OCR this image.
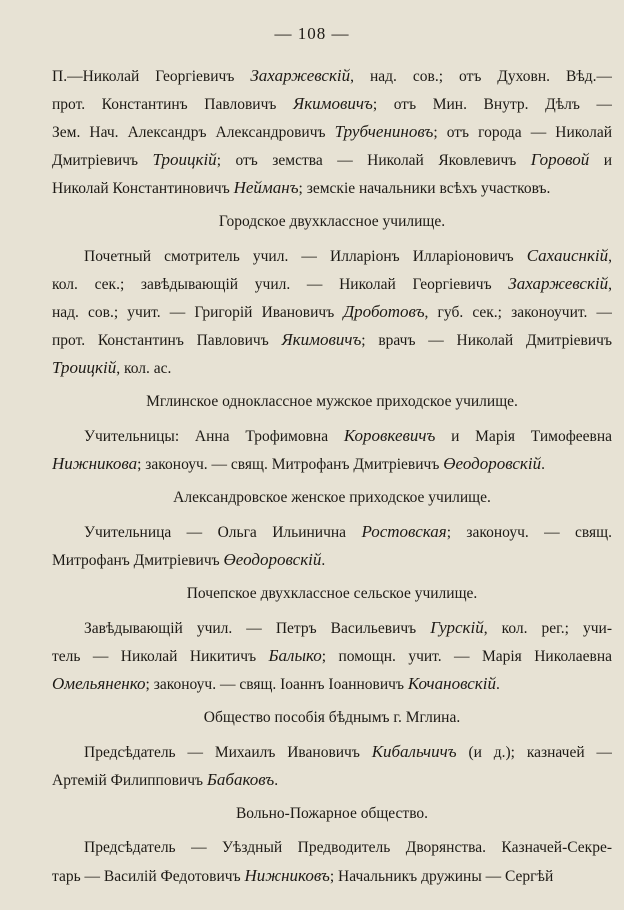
— 108 —
П.—Николай Георгіевичъ Захаржевскій, над. сов.; отъ Духовн. Вѣд.—
прот. Константинъ Павловичъ Якимовичъ; отъ Мин. Внутр. Дѣлъ —
Зем. Нач. Александръ Александровичъ Трубчениновъ; отъ города — Николай
Дмитріевичъ Троицкій; отъ земства — Николай Яковлевичъ Горовой и
Николай Константиновичъ Нейманъ; земскіе начальники всѣхъ участковъ.
Городское двухклассное училище.
Почетный смотритель учил. — Илларіонъ Илларіоновичъ Сахаиснкій,
кол. сек.; завѣдывающій учил. — Николай Георгіевичъ Захаржевскій,
над. сов.; учит. — Григорій Ивановичъ Дроботовъ, губ. сек.; законоучит. —
прот. Константинъ Павловичъ Якимовичъ; врачъ — Николай Дмитріевичъ
Троицкій, кол. ас.
Мглинское одноклассное мужское приходское училище.
Учительницы: Анна Трофимовна Коровкевичъ и Марія Тимофеевна
Нижникова; законоуч. — свящ. Митрофанъ Дмитріевичъ Өеодоровскій.
Александровское женское приходское училище.
Учительница — Ольга Ильинична Ростовская; законоуч. — свящ.
Митрофанъ Дмитріевичъ Өеодоровскій.
Почепское двухклассное сельское училище.
Завѣдывающій учил. — Петръ Васильевичъ Гурскій, кол. рег.; учи-
тель — Николай Никитичъ Балыко; помощн. учит. — Марія Николаевна
Омельяненко; законоуч. — свящ. Іоаннъ Іоанновичъ Кочановскій.
Общество пособія бѣднымъ г. Мглина.
Предсѣдатель — Михаилъ Ивановичъ Кибальчичъ (и д.); казначей —
Артемій Филипповичъ Бабаковъ.
Вольно-Пожарное общество.
Предсѣдатель — Уѣздный Предводитель Дворянства. Казначей-Секре-
тарь — Василій Федотовичъ Нижниковъ; Начальникъ дружины — Сергѣй
